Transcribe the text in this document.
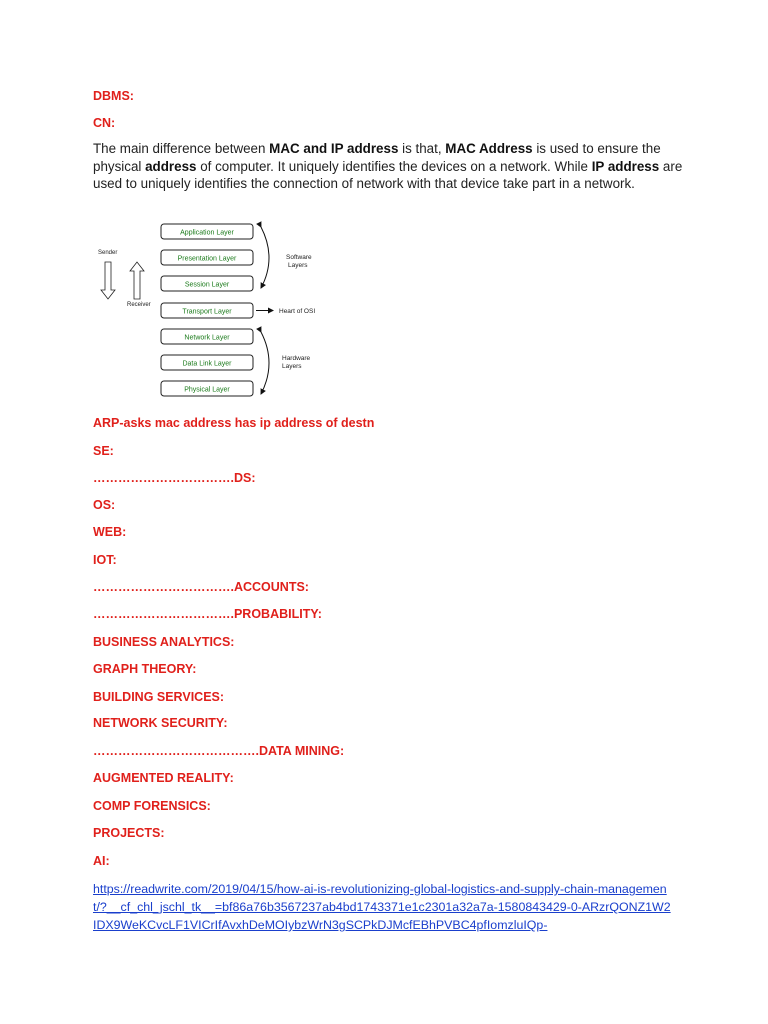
DBMS:
CN:
The main difference between MAC and IP address is that, MAC Address is used to ensure the physical address of computer. It uniquely identifies the devices on a network. While IP address are used to uniquely identifies the connection of network with that device take part in a network.
Application Layer
Presentation Layer
Session Layer
Transport Layer
Network Layer
Data Link Layer
Physical Layer
Sender
Receiver
Software
Layers
Heart of OSI
Hardware
Layers
ARP-asks mac address has ip address of destn
SE:
…………………………….DS:
OS:
WEB:
IOT:
…………………………….ACCOUNTS:
…………………………….PROBABILITY:
BUSINESS ANALYTICS:
GRAPH THEORY:
BUILDING SERVICES:
NETWORK SECURITY:
………………………………….DATA MINING:
AUGMENTED REALITY:
COMP FORENSICS:
PROJECTS:
AI:
https://readwrite.com/2019/04/15/how-ai-is-revolutionizing-global-logistics-and-supply-chain-management/?__cf_chl_jschl_tk__=bf86a76b3567237ab4bd1743371e1c2301a32a7a-1580843429-0-ARzrQONZ1W2IDX9WeKCvcLF1VICrIfAvxhDeMOIybzWrN3gSCPkDJMcfEBhPVBC4pfIomzluIQp-
